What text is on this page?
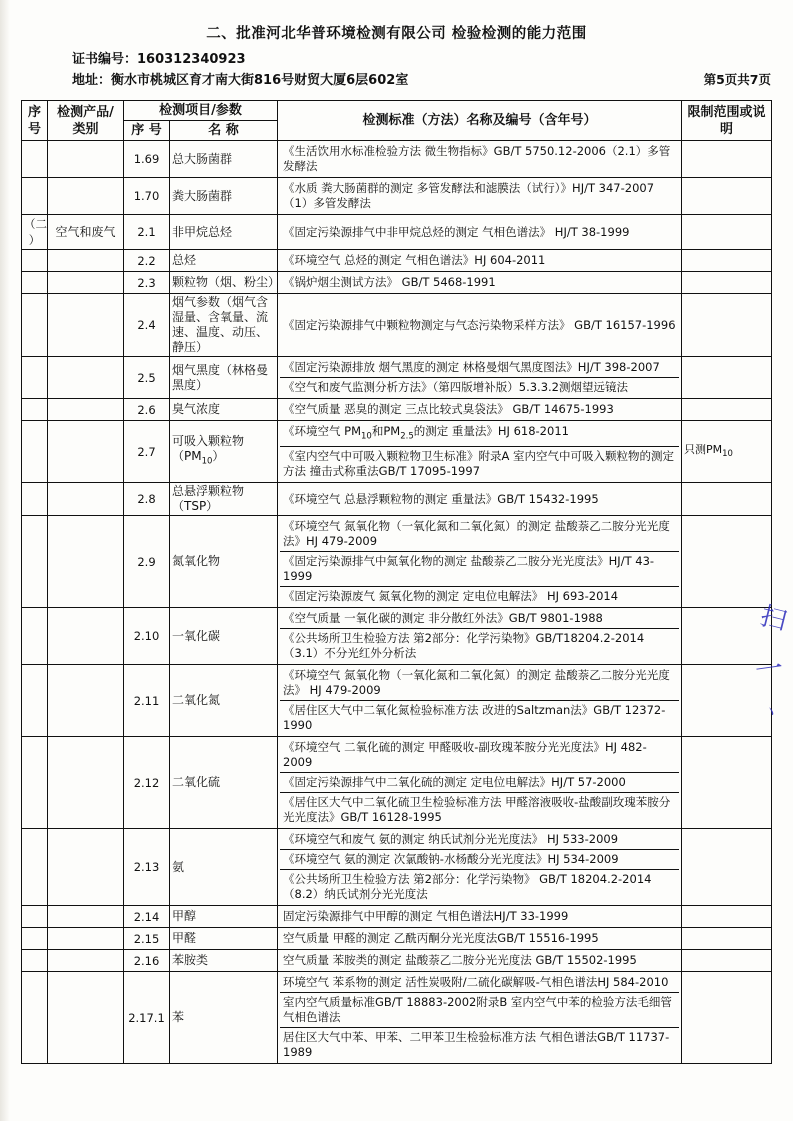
二、批准河北华普环境检测有限公司 检验检测的能力范围
证书编号：160312340923
地址：衡水市桃城区育才南大街816号财贸大厦6层602室	第5页共7页
序
号	检测产品/
类别	检测项目/参数		检测标准（方法）名称及编号（含年号）	限制范围或说
明
		序 号	名 称		
		1.69	总大肠菌群	《生活饮用水标准检验方法 微生物指标》GB/T 5750.12-2006（2.1）多管发酵法	

		1.70	粪大肠菌群	《水质 粪大肠菌群的测定 多管发酵法和滤膜法（试行）》HJ/T 347-2007（1）多管发酵法	

（二
）	空气和废气	2.1	非甲烷总烃	《固定污染源排气中非甲烷总烃的测定 气相色谱法》 HJ/T 38-1999	

		2.2	总烃	《环境空气 总烃的测定 气相色谱法》HJ 604-2011	

		2.3	颗粒物（烟、粉尘）	《锅炉烟尘测试方法》 GB/T 5468-1991	

		2.4	烟气参数（烟气含湿量、含氧量、流速、温度、动压、静压）	《固定污染源排气中颗粒物测定与气态污染物采样方法》 GB/T 16157-1996	

		2.5	烟气黑度（林格曼黑度）	《固定污染源排放 烟气黑度的测定 林格曼烟气黑度图法》HJ/T 398-2007
《空气和废气监测分析方法》（第四版增补版）5.3.3.2测烟望远镜法	

		2.6	臭气浓度	《空气质量 恶臭的测定 三点比较式臭袋法》 GB/T 14675-1993	

		2.7	可吸入颗粒物$(PM_{10})$	《环境空气 $PM_{10}$和$PM_{2.5}$的测定 重量法》HJ 618-2011
《室内空气中可吸入颗粒物卫生标准》附录A 室内空气中可吸入颗粒物的测定方法 撞击式称重法GB/T 17095-1997	只测$PM_{10}$
		2.8	总悬浮颗粒物（TSP）	《环境空气 总悬浮颗粒物的测定 重量法》GB/T 15432-1995	

		2.9	氮氧化物	《环境空气 氮氧化物（一氧化氮和二氧化氮）的测定 盐酸萘乙二胺分光光度法》HJ 479-2009
《固定污染源排气中氮氧化物的测定 盐酸萘乙二胺分光光度法》HJ/T 43-1999
《固定污染源废气 氮氧化物的测定 定电位电解法》 HJ 693-2014	

		2.10	一氧化碳	《空气质量 一氧化碳的测定 非分散红外法》GB/T 9801-1988
《公共场所卫生检验方法 第2部分：化学污染物》GB/T18204.2-2014（3.1）不分光红外分析法	

		2.11	二氧化氮	《环境空气 氮氧化物（一氧化氮和二氧化氮）的测定 盐酸萘乙二胺分光光度法》 HJ 479-2009
《居住区大气中二氧化氮检验标准方法 改进的Saltzman法》GB/T 12372-1990	

		2.12	二氧化硫	《环境空气 二氧化硫的测定 甲醛吸收-副玫瑰苯胺分光光度法》HJ 482-2009
《固定污染源排气中二氧化硫的测定 定电位电解法》HJ/T 57-2000
《居住区大气中二氧化硫卫生检验标准方法 甲醛溶液吸收-盐酸副玫瑰苯胺分光光度法》GB/T 16128-1995	

		2.13	氨	《环境空气和废气 氨的测定 纳氏试剂分光光度法》 HJ 533-2009
《环境空气 氨的测定 次氯酸钠-水杨酸分光光度法》HJ 534-2009
《公共场所卫生检验方法 第2部分：化学污染物》 GB/T 18204.2-2014（8.2）纳氏试剂分光光度法	

		2.14	甲醇	固定污染源排气中甲醇的测定 气相色谱法HJ/T 33-1999	

		2.15	甲醛	空气质量 甲醛的测定 乙酰丙酮分光光度法GB/T 15516-1995	

		2.16	苯胺类	空气质量 苯胺类的测定 盐酸萘乙二胺分光光度法 GB/T 15502-1995	

		2.17.1	苯	环境空气 苯系物的测定 活性炭吸附/二硫化碳解吸-气相色谱法HJ 584-2010
室内空气质量标准GB/T 18883-2002附录B 室内空气中苯的检验方法毛细管气相色谱法
居住区大气中苯、甲苯、二甲苯卫生检验标准方法 气相色谱法GB/T 11737-1989	

扫
一
丶
